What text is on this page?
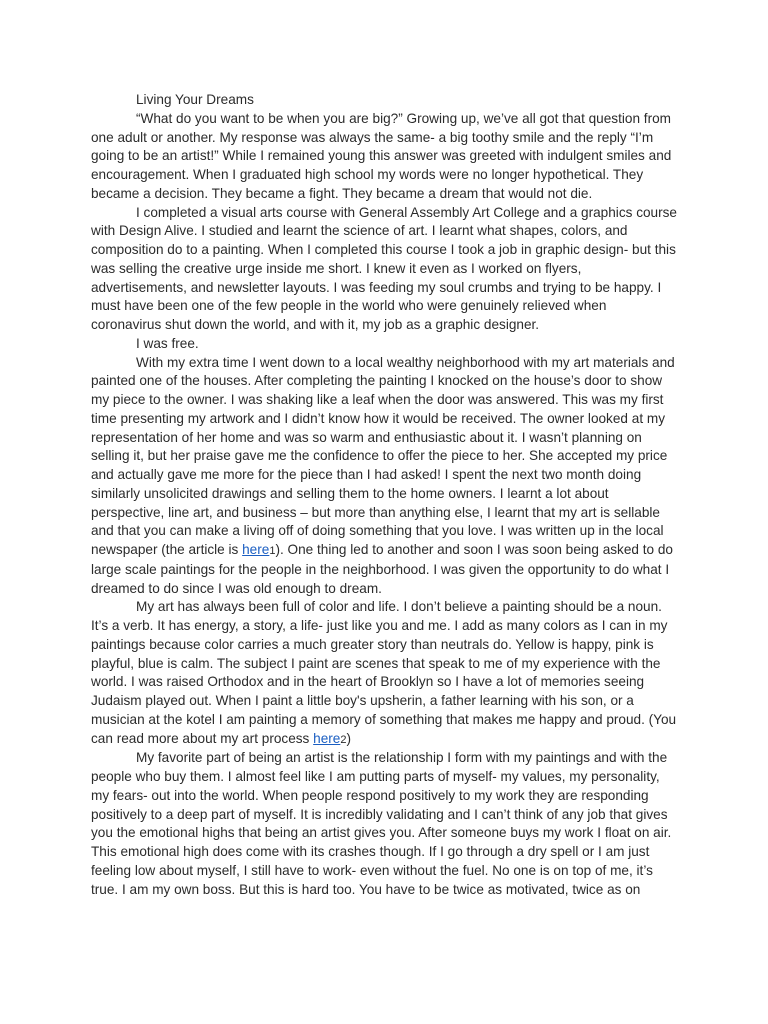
Living Your Dreams

“What do you want to be when you are big?” Growing up, we’ve all got that question from one adult or another. My response was always the same- a big toothy smile and the reply “I’m going to be an artist!” While I remained young this answer was greeted with indulgent smiles and encouragement. When I graduated high school my words were no longer hypothetical. They became a decision. They became a fight. They became a dream that would not die.

I completed a visual arts course with General Assembly Art College and a graphics course with Design Alive. I studied and learnt the science of art. I learnt what shapes, colors, and composition do to a painting. When I completed this course I took a job in graphic design- but this was selling the creative urge inside me short. I knew it even as I worked on flyers, advertisements, and newsletter layouts. I was feeding my soul crumbs and trying to be happy. I must have been one of the few people in the world who were genuinely relieved when coronavirus shut down the world, and with it, my job as a graphic designer.

I was free.

With my extra time I went down to a local wealthy neighborhood with my art materials and painted one of the houses. After completing the painting I knocked on the house’s door to show my piece to the owner. I was shaking like a leaf when the door was answered. This was my first time presenting my artwork and I didn’t know how it would be received. The owner looked at my representation of her home and was so warm and enthusiastic about it. I wasn’t planning on selling it, but her praise gave me the confidence to offer the piece to her. She accepted my price and actually gave me more for the piece than I had asked! I spent the next two month doing similarly unsolicited drawings and selling them to the home owners. I learnt a lot about perspective, line art, and business – but more than anything else, I learnt that my art is sellable and that you can make a living off of doing something that you love. I was written up in the local newspaper (the article is here1). One thing led to another and soon I was soon being asked to do large scale paintings for the people in the neighborhood. I was given the opportunity to do what I dreamed to do since I was old enough to dream.

My art has always been full of color and life. I don’t believe a painting should be a noun. It’s a verb. It has energy, a story, a life- just like you and me. I add as many colors as I can in my paintings because color carries a much greater story than neutrals do. Yellow is happy, pink is playful, blue is calm. The subject I paint are scenes that speak to me of my experience with the world. I was raised Orthodox and in the heart of Brooklyn so I have a lot of memories seeing Judaism played out. When I paint a little boy's upsherin, a father learning with his son, or a musician at the kotel I am painting a memory of something that makes me happy and proud. (You can read more about my art process here2)

My favorite part of being an artist is the relationship I form with my paintings and with the people who buy them. I almost feel like I am putting parts of myself- my values, my personality, my fears- out into the world. When people respond positively to my work they are responding positively to a deep part of myself. It is incredibly validating and I can’t think of any job that gives you the emotional highs that being an artist gives you. After someone buys my work I float on air. This emotional high does come with its crashes though. If I go through a dry spell or I am just feeling low about myself, I still have to work- even without the fuel. No one is on top of me, it’s true. I am my own boss. But this is hard too. You have to be twice as motivated, twice as on
